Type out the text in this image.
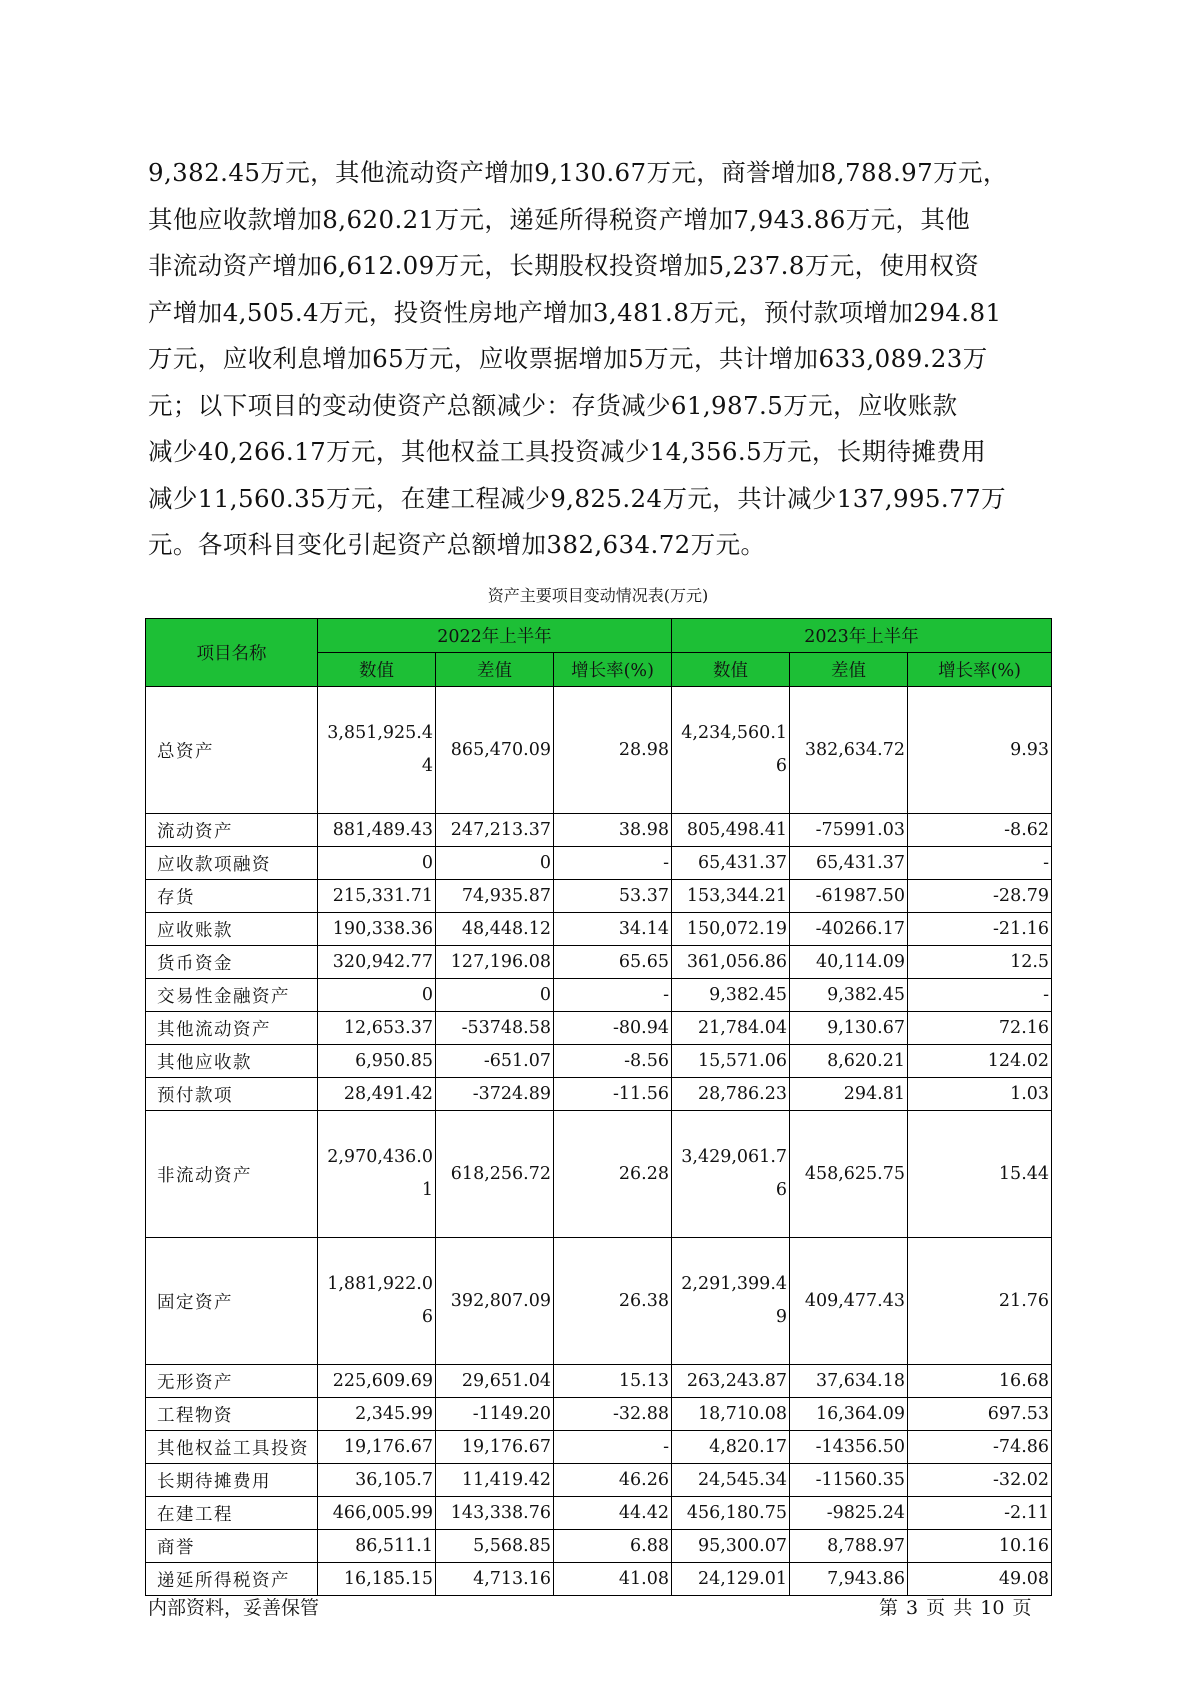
9,382.45万元，其他流动资产增加9,130.67万元，商誉增加8,788.97万元，
其他应收款增加8,620.21万元，递延所得税资产增加7,943.86万元，其他
非流动资产增加6,612.09万元，长期股权投资增加5,237.8万元，使用权资
产增加4,505.4万元，投资性房地产增加3,481.8万元，预付款项增加294.81
万元，应收利息增加65万元，应收票据增加5万元，共计增加633,089.23万
元；以下项目的变动使资产总额减少：存货减少61,987.5万元，应收账款
减少40,266.17万元，其他权益工具投资减少14,356.5万元，长期待摊费用
减少11,560.35万元，在建工程减少9,825.24万元，共计减少137,995.77万
元。各项科目变化引起资产总额增加382,634.72万元。
资产主要项目变动情况表(万元)
项目名称	2022年上半年			2023年上半年		
	数值	差值	增长率(%)	数值	差值	增长率(%)
总资产	3,851,925.44	865,470.09	28.98	4,234,560.16	382,634.72	9.93
流动资产	881,489.43	247,213.37	38.98	805,498.41	-75991.03	-8.62
应收款项融资	0	0	-	65,431.37	65,431.37	-
存货	215,331.71	74,935.87	53.37	153,344.21	-61987.50	-28.79
应收账款	190,338.36	48,448.12	34.14	150,072.19	-40266.17	-21.16
货币资金	320,942.77	127,196.08	65.65	361,056.86	40,114.09	12.5
交易性金融资产	0	0	-	9,382.45	9,382.45	-
其他流动资产	12,653.37	-53748.58	-80.94	21,784.04	9,130.67	72.16
其他应收款	6,950.85	-651.07	-8.56	15,571.06	8,620.21	124.02
预付款项	28,491.42	-3724.89	-11.56	28,786.23	294.81	1.03
非流动资产	2,970,436.01	618,256.72	26.28	3,429,061.76	458,625.75	15.44
固定资产	1,881,922.06	392,807.09	26.38	2,291,399.49	409,477.43	21.76
无形资产	225,609.69	29,651.04	15.13	263,243.87	37,634.18	16.68
工程物资	2,345.99	-1149.20	-32.88	18,710.08	16,364.09	697.53
其他权益工具投资	19,176.67	19,176.67	-	4,820.17	-14356.50	-74.86
长期待摊费用	36,105.7	11,419.42	46.26	24,545.34	-11560.35	-32.02
在建工程	466,005.99	143,338.76	44.42	456,180.75	-9825.24	-2.11
商誉	86,511.1	5,568.85	6.88	95,300.07	8,788.97	10.16
递延所得税资产	16,185.15	4,713.16	41.08	24,129.01	7,943.86	49.08
内部资料，妥善保管	第 3 页 共 10 页
